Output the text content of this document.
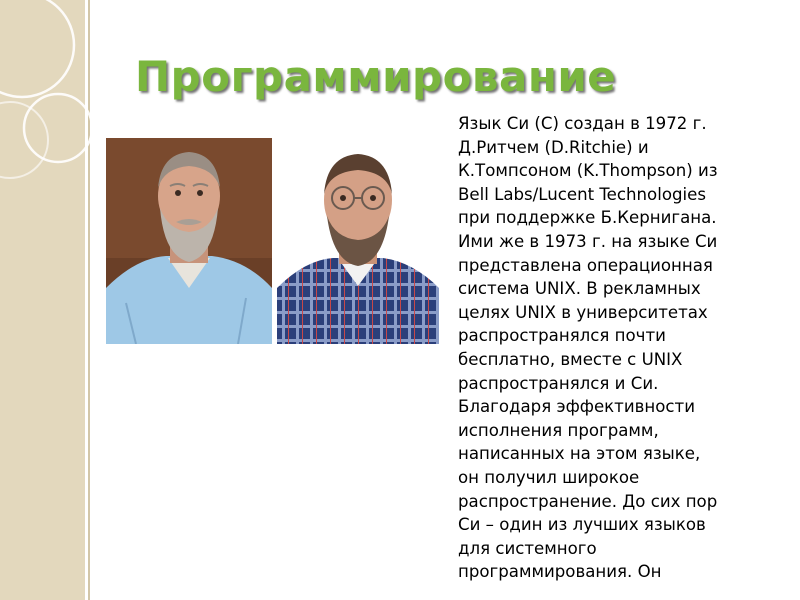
Программирование
Язык Си (С) создан в 1972 г.
Д.Ритчем (D.Ritchie) и
К.Томпсоном (K.Thompson) из
Bell Labs/Lucent Technologies
при поддержке Б.Кернигана.
Ими же в 1973 г. на языке Си
представлена операционная
система UNIX. В рекламных
целях UNIX в университетах
распространялся почти
бесплатно, вместе с UNIX
распространялся и Си.
Благодаря эффективности
исполнения программ,
написанных на этом языке,
он получил широкое
распространение. До сих пор
Си – один из лучших языков
для системного
программирования. Он
